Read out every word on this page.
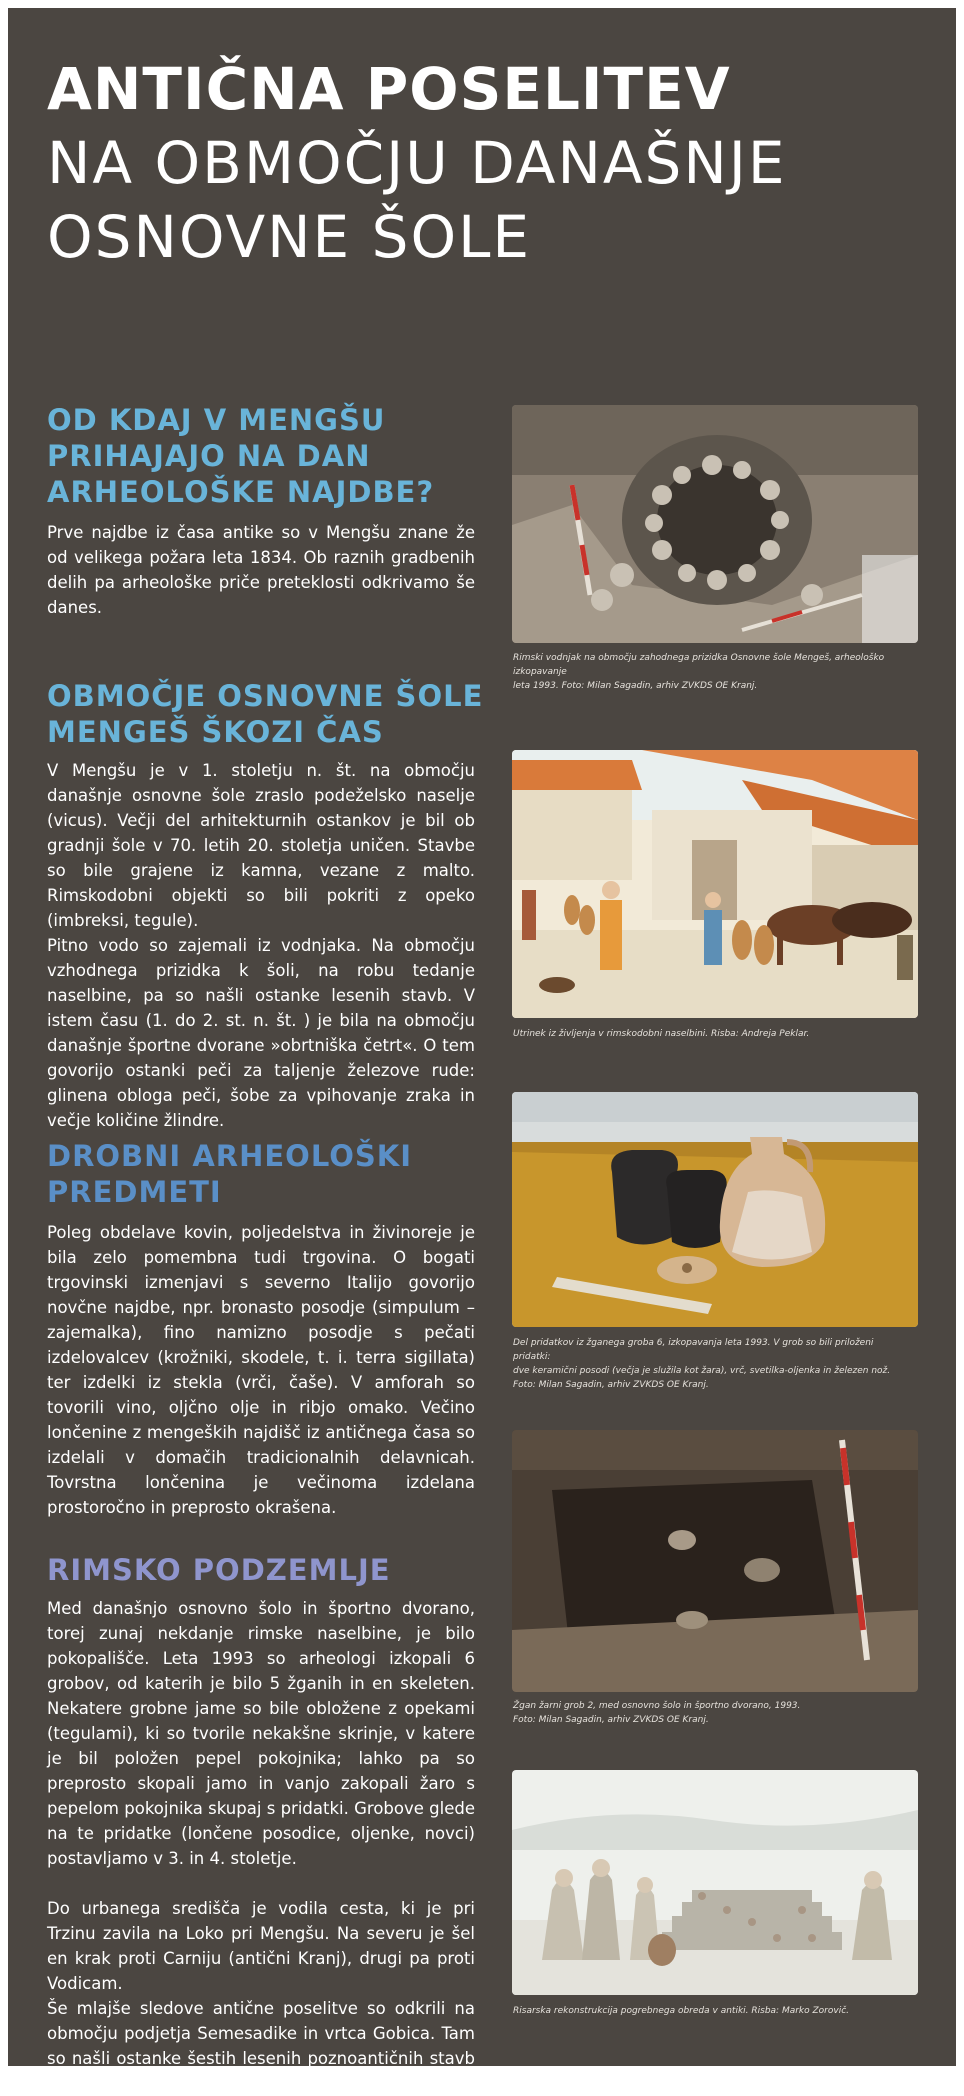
ANTIČNA POSELITEV
NA OBMOČJU DANAŠNJE
OSNOVNE ŠOLE
OD KDAJ V MENGŠU
PRIHAJAJO NA DAN
ARHEOLOŠKE NAJDBE?
Prve najdbe iz časa antike so v Mengšu znane že od velikega požara leta 1834. Ob raznih gradbenih delih pa arheološke priče preteklosti odkrivamo še danes.
OBMOČJE OSNOVNE ŠOLE
MENGEŠ ŠKOZI ČAS
V Mengšu je v 1. stoletju n. št. na območju današnje osnovne šole zraslo podeželsko naselje (vicus). Večji del arhitekturnih ostankov je bil ob gradnji šole v 70. letih 20. stoletja uničen. Stavbe so bile grajene iz kamna, vezane z malto. Rimskodobni objekti so bili pokriti z opeko (imbreksi, tegule).
Pitno vodo so zajemali iz vodnjaka. Na območju vzhodnega prizidka k šoli, na robu tedanje naselbine, pa so našli ostanke lesenih stavb. V istem času (1. do 2. st. n. št. ) je bila na območju današnje športne dvorane »obrtniška četrt«. O tem govorijo ostanki peči za taljenje železove rude: glinena obloga peči, šobe za vpihovanje zraka in večje količine žlindre.
DROBNI ARHEOLOŠKI
PREDMETI
Poleg obdelave kovin, poljedelstva in živinoreje je bila zelo pomembna tudi trgovina. O bogati trgovinski izmenjavi s severno Italijo govorijo novčne najdbe, npr. bronasto posodje (simpulum – zajemalka), fino namizno posodje s pečati izdelovalcev (krožniki, skodele, t. i. terra sigillata) ter izdelki iz stekla (vrči, čaše). V amforah so tovorili vino, oljčno olje in ribjo omako. Večino lončenine z mengeških najdišč iz antičnega časa so izdelali v domačih tradicionalnih delavnicah. Tovrstna lončenina je večinoma izdelana prostoročno in preprosto okrašena.
RIMSKO PODZEMLJE
Med današnjo osnovno šolo in športno dvorano, torej zunaj nekdanje rimske naselbine, je bilo pokopališče. Leta 1993 so arheologi izkopali 6 grobov, od katerih je bilo 5 žganih in en skeleten. Nekatere grobne jame so bile obložene z opekami (tegulami), ki so tvorile nekakšne skrinje, v katere je bil položen pepel pokojnika; lahko pa so preprosto skopali jamo in vanjo zakopali žaro s pepelom pokojnika skupaj s pridatki. Grobove glede na te pridatke (lončene posodice, oljenke, novci) postavljamo v 3. in 4. stoletje.
Do urbanega središča je vodila cesta, ki je pri Trzinu zavila na Loko pri Mengšu. Na severu je šel en krak proti Carniju (antični Kranj), drugi pa proti Vodicam.
Še mlajše sledove antične poselitve so odkrili na območju podjetja Semesadike in vrtca Gobica. Tam so našli ostanke šestih lesenih poznoantičnih stavb (velikosti 3 x 4 m) iz 4. do 7. stoletja.
Rimski vodnjak na območju zahodnega prizidka Osnovne šole Mengeš, arheološko izkopavanje
leta 1993. Foto: Milan Sagadin, arhiv ZVKDS OE Kranj.
Utrinek iz življenja v rimskodobni naselbini. Risba: Andreja Peklar.
Del pridatkov iz žganega groba 6, izkopavanja leta 1993. V grob so bili priloženi pridatki:
dve keramični posodi (večja je služila kot žara), vrč, svetilka-oljenka in železen nož.
Foto: Milan Sagadin, arhiv ZVKDS OE Kranj.
Žgan žarni grob 2, med osnovno šolo in športno dvorano, 1993.
Foto: Milan Sagadin, arhiv ZVKDS OE Kranj.
Risarska rekonstrukcija pogrebnega obreda v antiki. Risba: Marko Zorovič.
